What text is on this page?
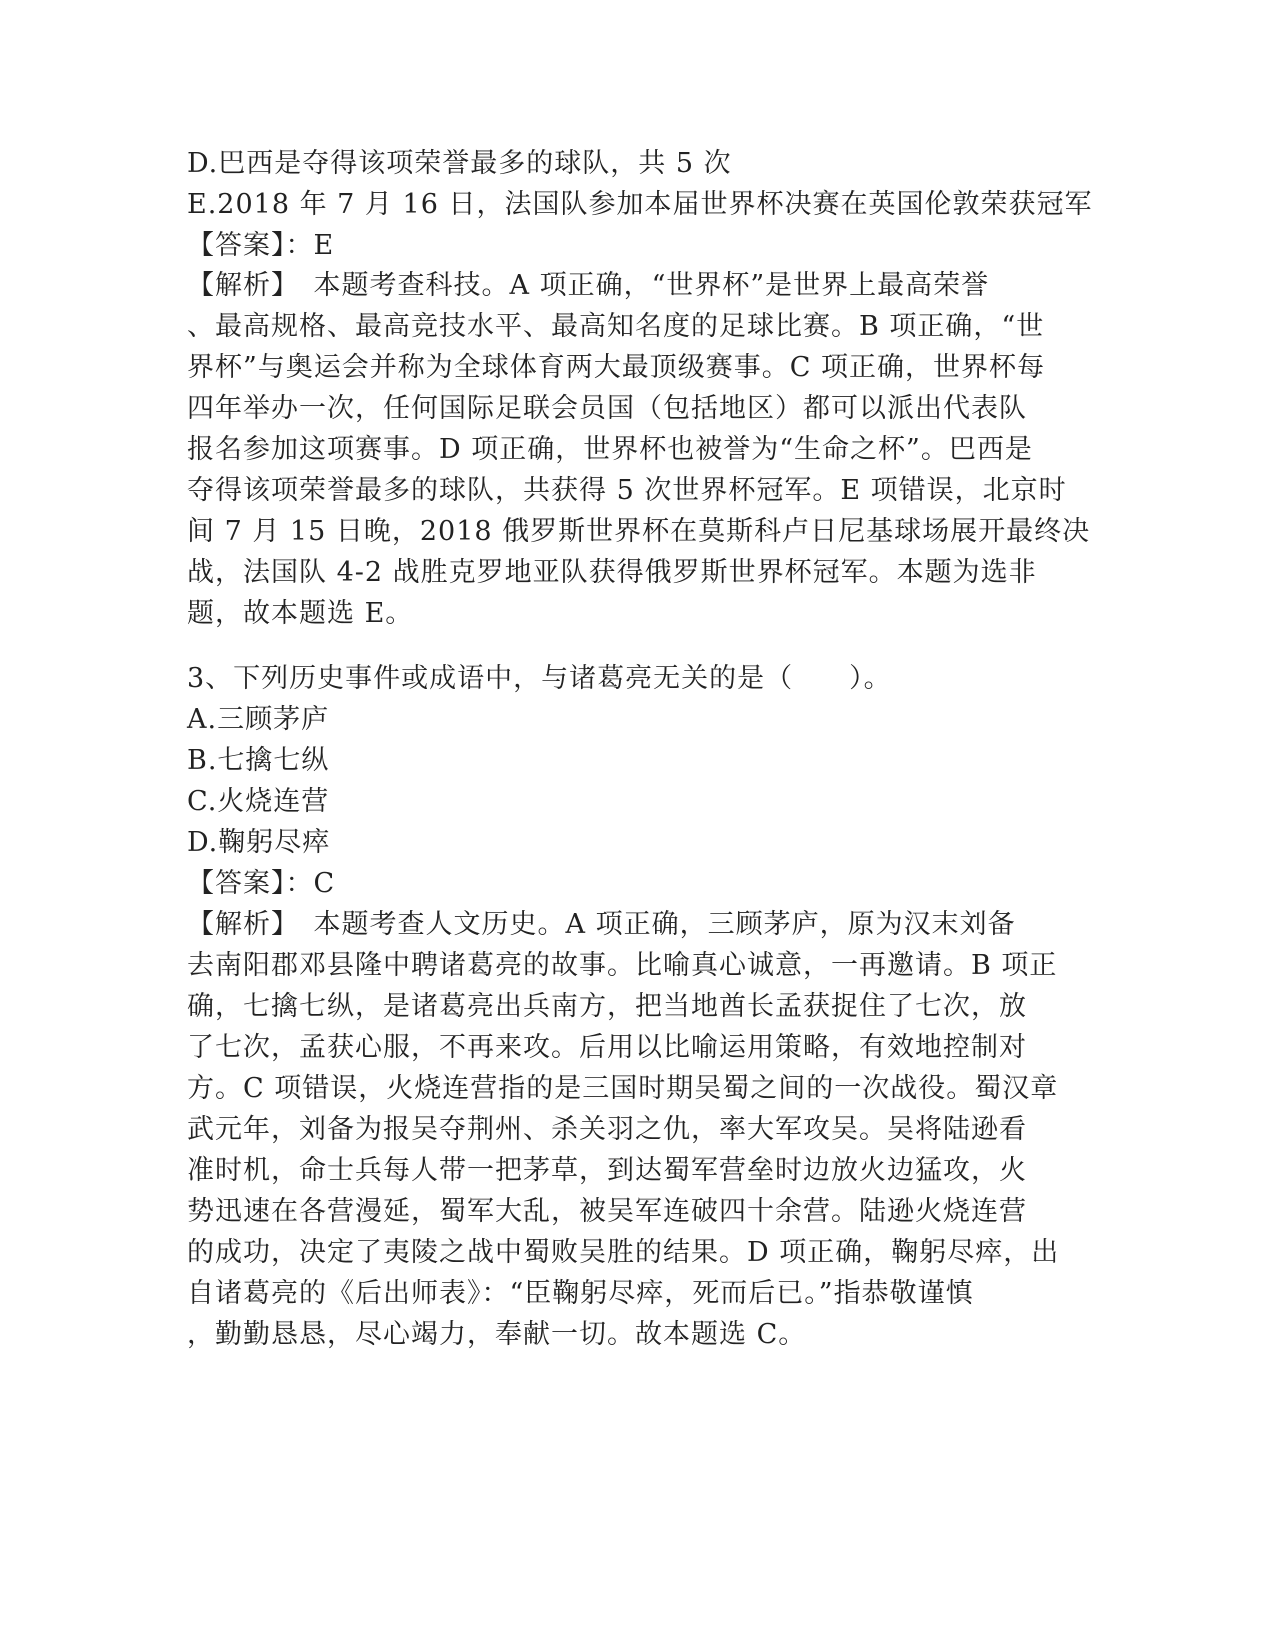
D.巴西是夺得该项荣誉最多的球队，共 5 次
E.2018 年 7 月 16 日，法国队参加本届世界杯决赛在英国伦敦荣获冠军
【答案】：E
【解析】　本题考查科技。A 项正确，“世界杯”是世界上最高荣誉
、最高规格、最高竞技水平、最高知名度的足球比赛。B 项正确，“世
界杯”与奥运会并称为全球体育两大最顶级赛事。C 项正确，世界杯每
四年举办一次，任何国际足联会员国（包括地区）都可以派出代表队
报名参加这项赛事。D 项正确，世界杯也被誉为“生命之杯”。巴西是
夺得该项荣誉最多的球队，共获得 5 次世界杯冠军。E 项错误，北京时
间 7 月 15 日晚，2018 俄罗斯世界杯在莫斯科卢日尼基球场展开最终决
战，法国队 4-2 战胜克罗地亚队获得俄罗斯世界杯冠军。本题为选非
题，故本题选 E。
3、下列历史事件或成语中，与诸葛亮无关的是（　　）。
A.三顾茅庐
B.七擒七纵
C.火烧连营
D.鞠躬尽瘁
【答案】：C
【解析】　本题考查人文历史。A 项正确，三顾茅庐，原为汉末刘备
去南阳郡邓县隆中聘诸葛亮的故事。比喻真心诚意，一再邀请。B 项正
确，七擒七纵，是诸葛亮出兵南方，把当地酋长孟获捉住了七次，放
了七次，孟获心服，不再来攻。后用以比喻运用策略，有效地控制对
方。C 项错误，火烧连营指的是三国时期吴蜀之间的一次战役。蜀汉章
武元年，刘备为报吴夺荆州、杀关羽之仇，率大军攻吴。吴将陆逊看
准时机，命士兵每人带一把茅草，到达蜀军营垒时边放火边猛攻，火
势迅速在各营漫延，蜀军大乱，被吴军连破四十余营。陆逊火烧连营
的成功，决定了夷陵之战中蜀败吴胜的结果。D 项正确，鞠躬尽瘁，出
自诸葛亮的《后出师表》：“臣鞠躬尽瘁，死而后已。”指恭敬谨慎
，勤勤恳恳，尽心竭力，奉献一切。故本题选 C。
